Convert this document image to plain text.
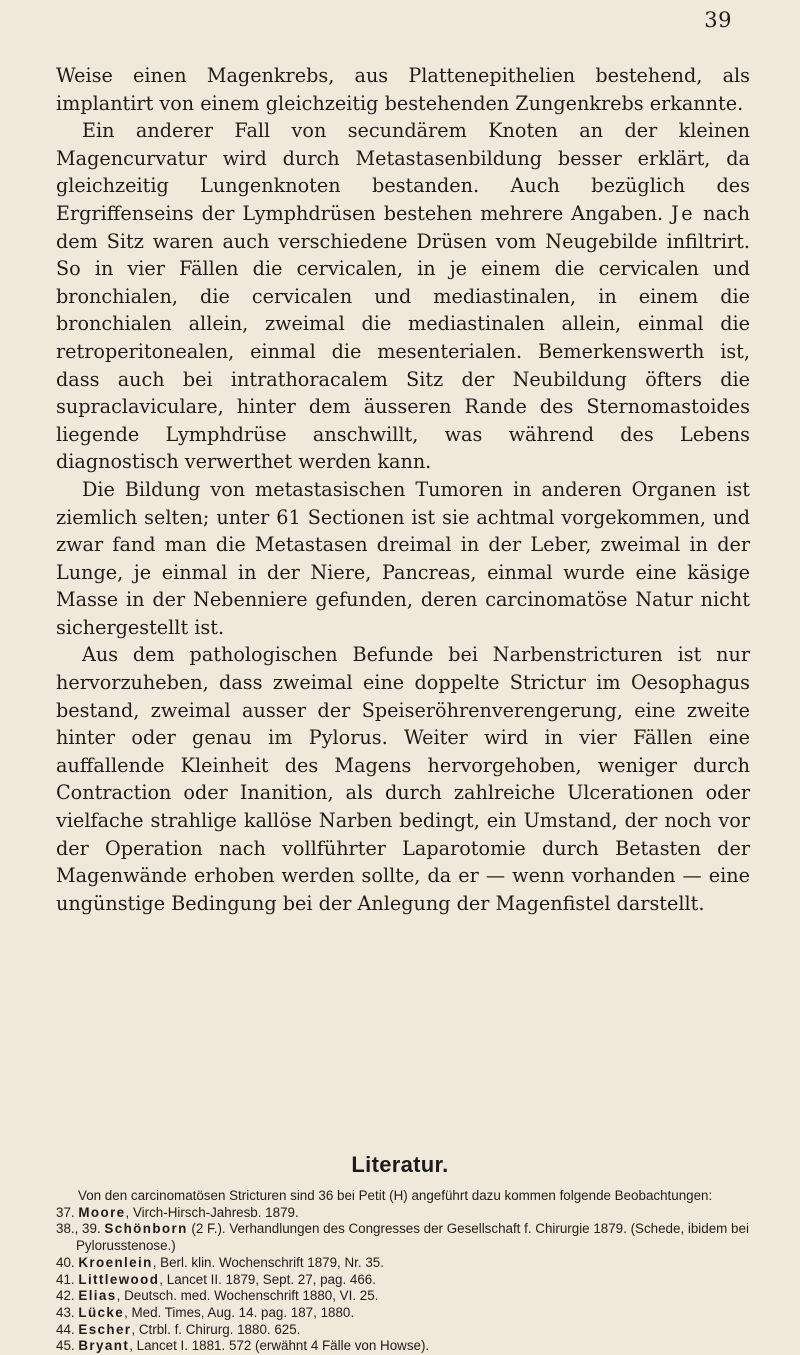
39

Weise einen Magenkrebs, aus Plattenepithelien bestehend, als implantirt von einem gleichzeitig bestehenden Zungenkrebs erkannte.

Ein anderer Fall von secundärem Knoten an der kleinen Magencurvatur wird durch Metastasenbildung besser erklärt, da gleichzeitig Lungenknoten bestanden. Auch bezüglich des Ergriffenseins der Lymphdrüsen bestehen mehrere Angaben. Je nach dem Sitz waren auch verschiedene Drüsen vom Neugebilde infiltrirt. So in vier Fällen die cervicalen, in je einem die cervicalen und bronchialen, die cervicalen und mediastinalen, in einem die bronchialen allein, zweimal die mediastinalen allein, einmal die retroperitonealen, einmal die mesenterialen. Bemerkenswerth ist, dass auch bei intrathoracalem Sitz der Neubildung öfters die supraclaviculare, hinter dem äusseren Rande des Sternomastoides liegende Lymphdrüse anschwillt, was während des Lebens diagnostisch verwerthet werden kann.

Die Bildung von metastasischen Tumoren in anderen Organen ist ziemlich selten; unter 61 Sectionen ist sie achtmal vorgekommen, und zwar fand man die Metastasen dreimal in der Leber, zweimal in der Lunge, je einmal in der Niere, Pancreas, einmal wurde eine käsige Masse in der Nebenniere gefunden, deren carcinomatöse Natur nicht sichergestellt ist.

Aus dem pathologischen Befunde bei Narbenstricturen ist nur hervorzuheben, dass zweimal eine doppelte Strictur im Oesophagus bestand, zweimal ausser der Speiseröhrenverengerung, eine zweite hinter oder genau im Pylorus. Weiter wird in vier Fällen eine auffallende Kleinheit des Magens hervorgehoben, weniger durch Contraction oder Inanition, als durch zahlreiche Ulcerationen oder vielfache strahlige kallöse Narben bedingt, ein Umstand, der noch vor der Operation nach vollführter Laparotomie durch Betasten der Magenwände erhoben werden sollte, da er — wenn vorhanden — eine ungünstige Bedingung bei der Anlegung der Magenfistel darstellt.

Literatur.

Von den carcinomatösen Stricturen sind 36 bei Petit (H) angeführt dazu kommen folgende Beobachtungen:

37. Moore, Virch-Hirsch-Jahresb. 1879.
38., 39. Schönborn (2 F.). Verhandlungen des Congresses der Gesellschaft f. Chirurgie 1879. (Schede, ibidem bei Pylorusstenose.)
40. Kroenlein, Berl. klin. Wochenschrift 1879, Nr. 35.
41. Littlewood, Lancet II. 1879, Sept. 27, pag. 466.
42. Elias, Deutsch. med. Wochenschrift 1880, VI. 25.
43. Lücke, Med. Times, Aug. 14. pag. 187, 1880.
44. Escher, Ctrbl. f. Chirurg. 1880. 625.
45. Bryant, Lancet I. 1881. 572 (erwähnt 4 Fälle von Howse).
